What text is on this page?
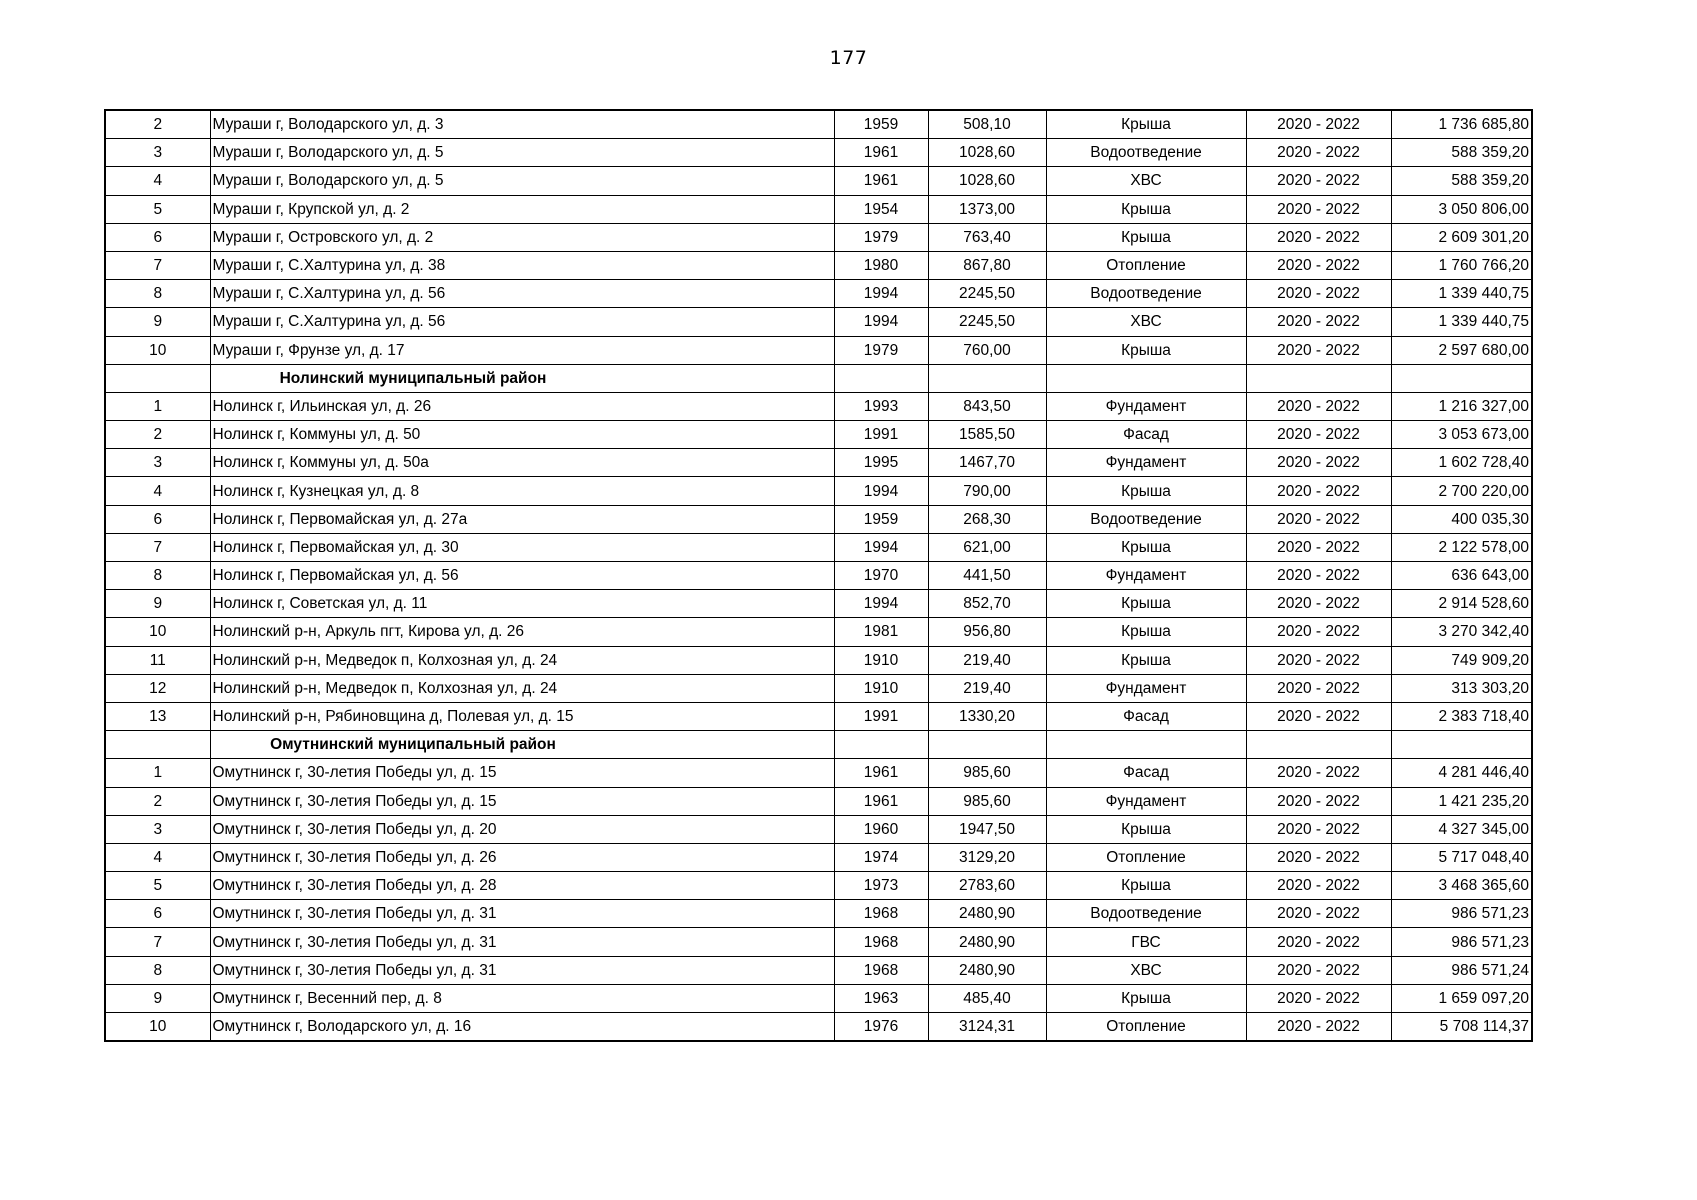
177
2	Мураши г, Володарского ул, д. 3	1959	508,10	Крыша	2020 - 2022	1 736 685,80
3	Мураши г, Володарского ул, д. 5	1961	1028,60	Водоотведение	2020 - 2022	588 359,20
4	Мураши г, Володарского ул, д. 5	1961	1028,60	ХВС	2020 - 2022	588 359,20
5	Мураши г, Крупской ул, д. 2	1954	1373,00	Крыша	2020 - 2022	3 050 806,00
6	Мураши г, Островского ул, д. 2	1979	763,40	Крыша	2020 - 2022	2 609 301,20
7	Мураши г, С.Халтурина ул, д. 38	1980	867,80	Отопление	2020 - 2022	1 760 766,20
8	Мураши г, С.Халтурина ул, д. 56	1994	2245,50	Водоотведение	2020 - 2022	1 339 440,75
9	Мураши г, С.Халтурина ул, д. 56	1994	2245,50	ХВС	2020 - 2022	1 339 440,75
10	Мураши г, Фрунзе ул, д. 17	1979	760,00	Крыша	2020 - 2022	2 597 680,00
	Нолинский муниципальный район					
1	Нолинск г, Ильинская ул, д. 26	1993	843,50	Фундамент	2020 - 2022	1 216 327,00
2	Нолинск г, Коммуны ул, д. 50	1991	1585,50	Фасад	2020 - 2022	3 053 673,00
3	Нолинск г, Коммуны ул, д. 50а	1995	1467,70	Фундамент	2020 - 2022	1 602 728,40
4	Нолинск г, Кузнецкая ул, д. 8	1994	790,00	Крыша	2020 - 2022	2 700 220,00
6	Нолинск г, Первомайская ул, д. 27а	1959	268,30	Водоотведение	2020 - 2022	400 035,30
7	Нолинск г, Первомайская ул, д. 30	1994	621,00	Крыша	2020 - 2022	2 122 578,00
8	Нолинск г, Первомайская ул, д. 56	1970	441,50	Фундамент	2020 - 2022	636 643,00
9	Нолинск г, Советская ул, д. 11	1994	852,70	Крыша	2020 - 2022	2 914 528,60
10	Нолинский р-н, Аркуль пгт, Кирова ул, д. 26	1981	956,80	Крыша	2020 - 2022	3 270 342,40
11	Нолинский р-н, Медведок п, Колхозная ул, д. 24	1910	219,40	Крыша	2020 - 2022	749 909,20
12	Нолинский р-н, Медведок п, Колхозная ул, д. 24	1910	219,40	Фундамент	2020 - 2022	313 303,20
13	Нолинский р-н, Рябиновщина д, Полевая ул, д. 15	1991	1330,20	Фасад	2020 - 2022	2 383 718,40
	Омутнинский муниципальный район					
1	Омутнинск г, 30-летия Победы ул, д. 15	1961	985,60	Фасад	2020 - 2022	4 281 446,40
2	Омутнинск г, 30-летия Победы ул, д. 15	1961	985,60	Фундамент	2020 - 2022	1 421 235,20
3	Омутнинск г, 30-летия Победы ул, д. 20	1960	1947,50	Крыша	2020 - 2022	4 327 345,00
4	Омутнинск г, 30-летия Победы ул, д. 26	1974	3129,20	Отопление	2020 - 2022	5 717 048,40
5	Омутнинск г, 30-летия Победы ул, д. 28	1973	2783,60	Крыша	2020 - 2022	3 468 365,60
6	Омутнинск г, 30-летия Победы ул, д. 31	1968	2480,90	Водоотведение	2020 - 2022	986 571,23
7	Омутнинск г, 30-летия Победы ул, д. 31	1968	2480,90	ГВС	2020 - 2022	986 571,23
8	Омутнинск г, 30-летия Победы ул, д. 31	1968	2480,90	ХВС	2020 - 2022	986 571,24
9	Омутнинск г, Весенний пер, д. 8	1963	485,40	Крыша	2020 - 2022	1 659 097,20
10	Омутнинск г, Володарского ул, д. 16	1976	3124,31	Отопление	2020 - 2022	5 708 114,37
